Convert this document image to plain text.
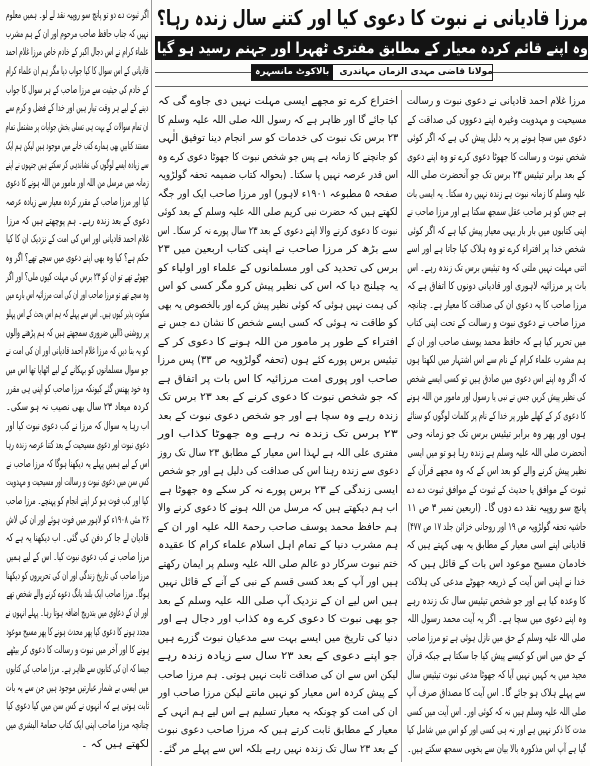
مرزا قادیانی نے نبوت کا دعوی کیا اور کتنے سال زندہ رہا؟
وہ اپنے قائم کردہ معیار کے مطابق مفتری ٹھہرا اور جہنم رسید ہو گیا
مولانا قاضی مہدی الزمان مہاندری
بالاکوٹ مانسہرہ
مرزا غلام احمد قادیانی نے دعوی نبوت و رسالت
مسیحیت و مہدویت وغیرہ اپنے دعووں کی صداقت کے
دعوی میں سچا ہونے پر یہ دلیل پیش کی ہے کہ اگر کوئی
شخص نبوت و رسالت کا جھوٹا دعوی کرے تو وہ اپنے دعوی
کے بعد برابر تیئیس ۲۳ برس تک جو آنحضرت صلی اللہ
علیہ وسلم کا زمانہ نبوت ہے زندہ نہیں رہ سکتا۔ یہ ایسی بات
ہے جس کو ہر صاحب عقل سمجھ سکتا ہے اور مرزا صاحب نے
اپنی کتابوں میں بار بار یہی معیار پیش کیا ہے کہ اگر کوئی
شخص خدا پر افتراء کرے تو وہ ہلاک کیا جاتا ہے اور اسے
اتنی مہلت نہیں ملتی کہ وہ تیئیس برس تک زندہ رہے۔ اس
بات پر مرزائیہ لاہوری اور قادیانی دونوں کا اتفاق ہے کہ
مرزا صاحب کا یہ دعوی ان کی صداقت کا معیار ہے۔ چنانچہ
مرزا صاحب نے دعوی نبوت و رسالت کے تحت اپنی کتاب
میں تحریر کیا ہے کہ حافظ محمد یوسف صاحب اور ان کے
ہم مشرب علماء کرام کے نام سے اس اشتہار میں لکھتا ہوں
کہ اگر وہ اپنے اس دعوی میں صادق ہیں تو کسی ایسے شخص
کی نظیر پیش کریں جس نے نبی یا رسول اور مامور من اللہ ہونے
کا دعوی کر کے کھلے طور پر خدا کے نام پر کلمات لوگوں کو سنائے
ہوں اور پھر وہ برابر تیئیس برس تک جو زمانہ وحی
آنحضرت صلی اللہ علیہ وسلم ہے زندہ رہا ہو تو میں ایسی
نظیر پیش کرنے والے کو بعد اس کے کہ وہ مجھے قرآن کے
ثبوت کے موافق یا حدیث کے ثبوت کے موافق ثبوت دے دے
پانچ سو روپیہ نقد دے دوں گا۔ (اربعین نمبر ۳ ص ۱۱
حاشیہ تحفہ گولڑویہ ص ۱۹ اور روحانی خزائن جلد ۱۷ ص ۴۷۷)
قادیانی اپنے اسی معیار کے مطابق یہ بھی کہتے ہیں کہ
خادمان مسیح موعود اس بات کے قائل ہیں کہ
خدا نے اپنی اس آیت کے ذریعہ جھوٹے مدعی کی ہلاکت
کا وعدہ کیا ہے اور جو شخص تیئیس سال تک زندہ رہے
وہ اپنے دعوی میں سچا ہے۔ اگر یہ آیت محمد رسول اللہ
صلی اللہ علیہ وسلم کے حق میں نازل ہوئی ہے تو مرزا صاحب
کے حق میں اس کو کیسے پیش کیا جا سکتا ہے جبکہ قرآن
مجید میں یہ کہیں نہیں آیا کہ جھوٹا مدعی نبوت تیئیس سال
سے پہلے ہلاک ہو جائے گا۔ اس آیت کا مصداق صرف آپ
صلی اللہ علیہ وسلم ہیں نہ کہ کوئی اور۔ اس آیت میں کسی
مدت کا ذکر نہیں ہے اور نہ ہی کسی اور کو اس میں شامل کیا
گیا ہے آپ اس مذکورہ بالا بیان سے بخوبی سمجھ سکتے ہیں۔
اختراع کرے تو مجھے ایسی مہلت نہیں دی جاوے گی کہ
کیا جائے گا اور ظاہر ہے کہ رسول اللہ صلی اللہ علیہ وسلم کا
۲۳ برس تک نبوت کی خدمات کو سر انجام دینا توفیق الٰہی
کو جانچنے کا زمانہ ہے پس جو شخص نبوت کا جھوٹا دعوی کرے وہ
اس قدر عرصہ نہیں پا سکتا۔ (بحوالہ کتاب ضمیمہ تحفہ گولڑویہ
صفحہ ۵ مطبوعہ ۱۹۰۱ء لاہور) اور مرزا صاحب ایک اور جگہ
لکھتے ہیں کہ حضرت نبی کریم صلی اللہ علیہ وسلم کے بعد کوئی
نبوت کا دعوی کرنے والا اپنے دعوی کے بعد ۲۳ سال پورے نہ کر سکا۔ اس
سے بڑھ کر مرزا صاحب نے اپنی کتاب اربعین میں ۲۳
برس کی تحدید کی اور مسلمانوں کے علماء اور اولیاء کو
یہ چیلنج دیا کہ اس کی نظیر پیش کرو مگر کسی کو اس
کی ہمت نہیں ہوئی کہ کوئی نظیر پیش کرے اور بالخصوص یہ بھی
کو طاقت نہ ہوئی کہ کسی ایسے شخص کا نشان دے جس نے
افتراء کے طور پر مامور من اللہ ہونے کا دعوی کر کے
تیئیس برس پورے کئے ہوں (تحفہ گولڑویہ ص ۳۳) پس مرزا
صاحب اور پوری امت مرزائیہ کا اس بات پر اتفاق ہے
کہ جو شخص نبوت کا دعوی کرنے کے بعد ۲۳ برس تک
زندہ رہے وہ سچا ہے اور جو شخص دعوی نبوت کے بعد
۲۳ برس تک زندہ نہ رہے وہ جھوٹا کذاب اور
مفتری علی اللہ ہے لہذا اس معیار کے مطابق ۲۳ سال تک روز
دعوی سے زندہ رہنا اس کی صداقت کی دلیل ہے اور جو شخص
ایسی زندگی کے ۲۳ برس پورے نہ کر سکے وہ جھوٹا ہے
اب ہم دیکھتے ہیں کہ مرسل من اللہ ہونے کا دعوی کرنے والا
ہم حافظ محمد یوسف صاحب رحمۃ اللہ علیہ اور ان کے
ہم مشرب دنیا کے تمام اہل اسلام علماء کرام کا عقیدہ
ختم نبوت سرکار دو عالم صلی اللہ علیہ وسلم پر ایمان رکھتے
ہیں اور آپ کے بعد کسی قسم کے نبی کے آنے کے قائل نہیں
ہیں اس لیے ان کے نزدیک آپ صلی اللہ علیہ وسلم کے بعد
جو بھی نبوت کا دعوی کرے وہ کذاب اور دجال ہے اور
دنیا کی تاریخ میں ایسے بہت سے مدعیان نبوت گزرے ہیں
جو اپنے دعوی کے بعد ۲۳ سال سے زیادہ زندہ رہے
لیکن اس سے ان کی صداقت ثابت نہیں ہوتی۔ ہم مرزا صاحب
کے پیش کردہ اس معیار کو نہیں مانتے لیکن مرزا صاحب اور
ان کی امت کو چونکہ یہ معیار تسلیم ہے اس لیے ہم انہی کے
معیار کے مطابق ثابت کرتے ہیں کہ مرزا صاحب دعوی نبوت
کے بعد ۲۳ سال تک زندہ نہیں رہے بلکہ اس سے پہلے مر گئے۔
اگر ثبوت دے دو تو پانچ سو روپیہ نقد لے لو۔ ہمیں معلوم
نہیں کہ جناب حافظ صاحب مرحوم اور ان کے ہم مشرب
علماء کرام نے اس دجال اکبر کے خادم خاص مرزا غلام احمد
قادیانی کے اس سوال کا کیا جواب دیا مگر ہم ان علماء کرام
کے خادم کی حیثیت سے مرزا صاحب کے ہر سوال کا جواب
دینے کے لیے ہر وقت تیار ہیں اور خدا کے فضل و کرم سے
ان تمام سوالات کے بہت ہی تسلی بخش جوابات پر مشتمل تمام
مستند کتابیں بھی ہمارے کتب خانے میں موجود ہیں لیکن ہم ایک
سے زیادہ ایسے لوگوں کی نشاندہی کر سکتے ہیں جنہوں نے اپنے
زمانہ میں مرسل من اللہ اور مامور من اللہ ہونے کا دعوی
کیا اور مرزا صاحب کے مقرر کردہ معیار سے زیادہ عرصہ
دعوی کے بعد زندہ رہے۔ ہم پوچھتے ہیں کہ مرزا
غلام احمد قادیانی اور اس کی امت کے نزدیک ان کا کیا
حکم ہے؟ کیا وہ بھی اپنے دعوی میں سچے تھے؟ اگر وہ
جھوٹے تھے تو ان کو ۲۳ برس کی مہلت کیوں ملی؟ اور اگر
وہ سچے تھے تو مرزا صاحب اور ان کی امت مرزائیہ اس بارے میں
سکوت پذیر کیوں ہیں۔ اس سے پہلے کہ ہم اس بحث کے اس پہلو
پر روشنی ڈالیں ضروری سمجھتے ہیں کہ ہم پڑھنے والوں
کو یہ بتا دیں کہ مرزا غلام احمد قادیانی اور ان کی امت نے
جو سوال مسلمانوں کو بہکانے کے لیے اٹھایا تھا اس میں
وہ خود پھنس گئے کیونکہ مرزا صاحب کو اپنی ہی مقرر
کردہ میعاد ۲۳ سال بھی نصیب نہ ہو سکی۔
اب رہا یہ سوال کہ مرزا نے کب دعوی نبوت کیا اور
دعوی نبوت اور دعوی مسیحیت کے بعد کتنا عرصہ زندہ رہا
اس کے لیے ہمیں پہلے یہ دیکھنا ہوگا کہ مرزا صاحب نے
کس سن میں دعوی نبوت و رسالت اور مسیحیت و مہدویت
کیا اور کب فوت ہو کر اپنے انجام کو پہنچے۔ مرزا صاحب
۲۶ مئی ۱۹۰۸ء کو لاہور میں فوت ہوئے اور ان کی لاش
قادیان لے جا کر دفن کی گئی۔ اب دیکھنا یہ ہے کہ
مرزا صاحب نے کب دعوی نبوت کیا۔ اس کے لیے ہمیں
مرزا صاحب کی تاریخ زندگی اور ان کی تحریروں کو دیکھنا
ہوگا۔ مرزا صاحب ایک بلند بانگ دعوے کرنے والے شخص تھے
اور ان کے دعاوی میں بتدریج اضافہ ہوتا رہا۔ پہلے انہوں نے
مجدد ہونے کا دعوی کیا پھر محدث ہونے کا پھر مسیح موعود
ہونے کا اور آخر میں نبوت و رسالت کا دعوی کر بیٹھے
جیسا کہ ان کی کتابوں سے ظاہر ہے۔ مرزا صاحب کی کتابوں
میں ایسی بے شمار عبارتیں موجود ہیں جن سے یہ بات
ثابت ہوتی ہے کہ انہوں نے کس سن میں کیا دعوی کیا
چنانچہ مرزا صاحب اپنی ایک کتاب حمامۃ البشری میں
لکھتے ہیں کہ ۔
